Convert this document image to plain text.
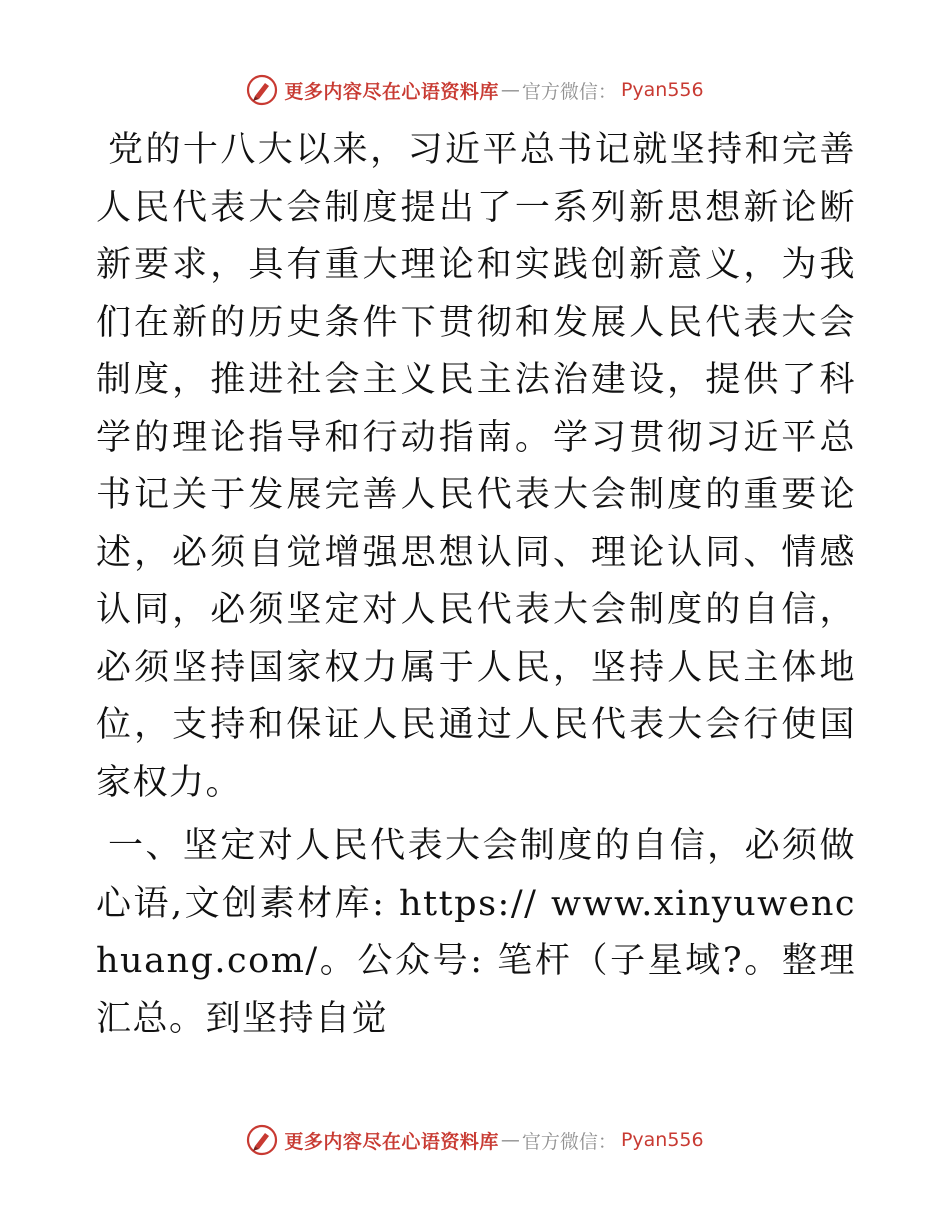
更多内容尽在心语资料库 — 官方微信： Pyan556

党的十八大以来，习近平总书记就坚持和完善人民代表大会制度提出了一系列新思想新论断新要求，具有重大理论和实践创新意义，为我们在新的历史条件下贯彻和发展人民代表大会制度，推进社会主义民主法治建设，提供了科学的理论指导和行动指南。学习贯彻习近平总书记关于发展完善人民代表大会制度的重要论述，必须自觉增强思想认同、理论认同、情感认同，必须坚定对人民代表大会制度的自信，必须坚持国家权力属于人民，坚持人民主体地位，支持和保证人民通过人民代表大会行使国家权力。

一、坚定对人民代表大会制度的自信，必须做心语,文创素材库: https:// www.xinyuwenchuang.com/。公众号: 笔杆（子星域?。整理汇总。到坚持自觉

更多内容尽在心语资料库 — 官方微信： Pyan556
